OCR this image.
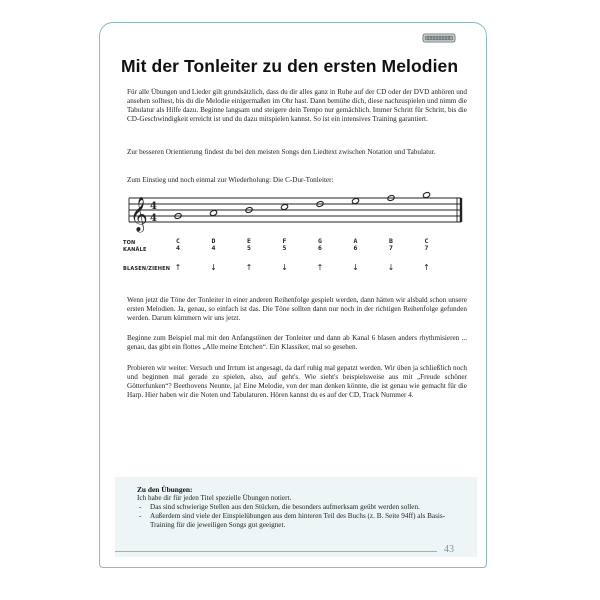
Mit der Tonleiter zu den ersten Melodien

Für alle Übungen und Lieder gilt grundsätzlich, dass du dir alles ganz in Ruhe auf der CD oder der DVD anhören und ansehen solltest, bis du die Melodie einigermaßen im Ohr hast. Dann bemühe dich, diese nachzuspielen und nimm die Tabulatur als Hilfe dazu. Beginne langsam und steigere dein Tempo nur gemächlich. Immer Schritt für Schritt, bis die CD-Geschwindigkeit erreicht ist und du dazu mitspielen kannst. So ist ein intensives Training garantiert.

Zur besseren Orientierung findest du bei den meisten Songs den Liedtext zwischen Notation und Tabulatur.

Zum Einstieg und noch einmal zur Wiederholung: Die C-Dur-Tonleiter:

𝄞 4
4
TON
KANÄLE
BLASEN/ZIEHEN
C
4
↑
D
4
↓
E
5
↑
F
5
↓
G
6
↑
A
6
↓
B
7
↓
C
7
↑

Wenn jetzt die Töne der Tonleiter in einer anderen Reihenfolge gespielt werden, dann hätten wir alsbald schon unsere ersten Melodien. Ja, genau, so einfach ist das. Die Töne sollten dann nur noch in der richtigen Reihenfolge gefunden werden. Darum kümmern wir uns jetzt.

Beginne zum Beispiel mal mit den Anfangstönen der Tonleiter und dann ab Kanal 6 blasen anders rhythmisieren ... genau, das gibt ein flottes „Alle meine Entchen“. Ein Klassiker, mal so gesehen.

Probieren wir weiter. Versuch und Irrtum ist angesagt, da darf ruhig mal gepatzt werden. Wir üben ja schließlich noch und beginnen mal gerade zu spielen, also, auf geht's. Wie sieht's beispielsweise aus mit „Freude schöner Götterfunken“? Beethovens Neunte, ja! Eine Melodie, von der man denken könnte, die ist genau wie gemacht für die Harp. Hier haben wir die Noten und Tabulaturen. Hören kannst du es auf der CD, Track Nummer 4.

Zu den Übungen:

Ich habe dir für jeden Titel spezielle Übungen notiert.

- Das sind schwierige Stellen aus den Stücken, die besonders aufmerksam geübt werden sollen.
- Außerdem sind viele der Einspielübungen aus dem hinteren Teil des Buchs (z. B. Seite 94ff) als Basis-Training für die jeweiligen Songs gut geeignet.
43
